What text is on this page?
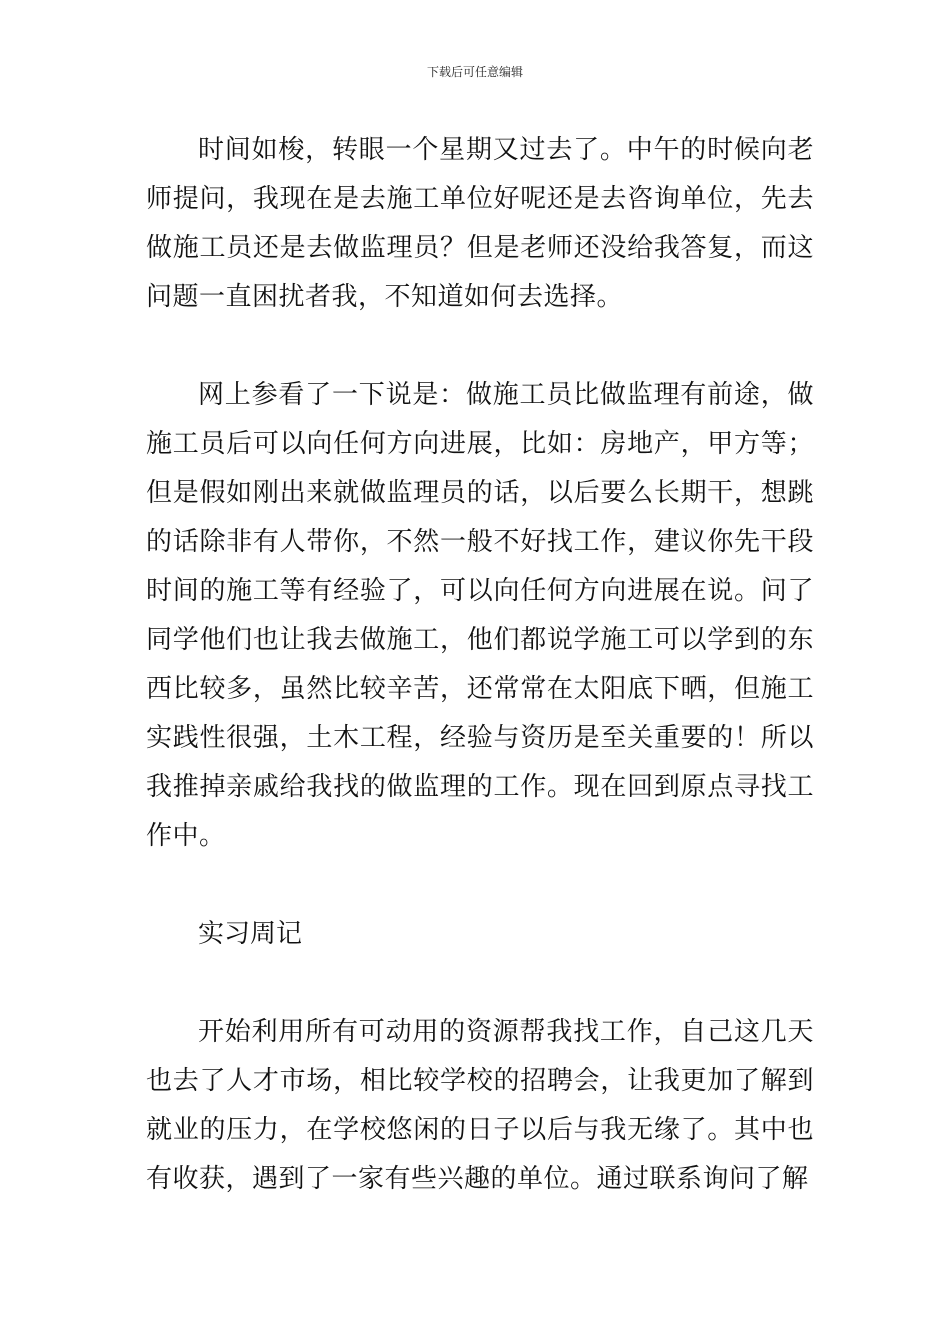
下载后可任意编辑

时间如梭，转眼一个星期又过去了。中午的时候向老师提问，我现在是去施工单位好呢还是去咨询单位，先去做施工员还是去做监理员？但是老师还没给我答复，而这问题一直困扰者我，不知道如何去选择。

网上参看了一下说是：做施工员比做监理有前途，做施工员后可以向任何方向进展，比如：房地产，甲方等；但是假如刚出来就做监理员的话，以后要么长期干，想跳的话除非有人带你，不然一般不好找工作，建议你先干段时间的施工等有经验了，可以向任何方向进展在说。问了同学他们也让我去做施工，他们都说学施工可以学到的东西比较多，虽然比较辛苦，还常常在太阳底下晒，但施工实践性很强，土木工程，经验与资历是至关重要的！所以我推掉亲戚给我找的做监理的工作。现在回到原点寻找工作中。

实习周记

开始利用所有可动用的资源帮我找工作，自己这几天也去了人才市场，相比较学校的招聘会，让我更加了解到就业的压力，在学校悠闲的日子以后与我无缘了。其中也有收获，遇到了一家有些兴趣的单位。通过联系询问了解
